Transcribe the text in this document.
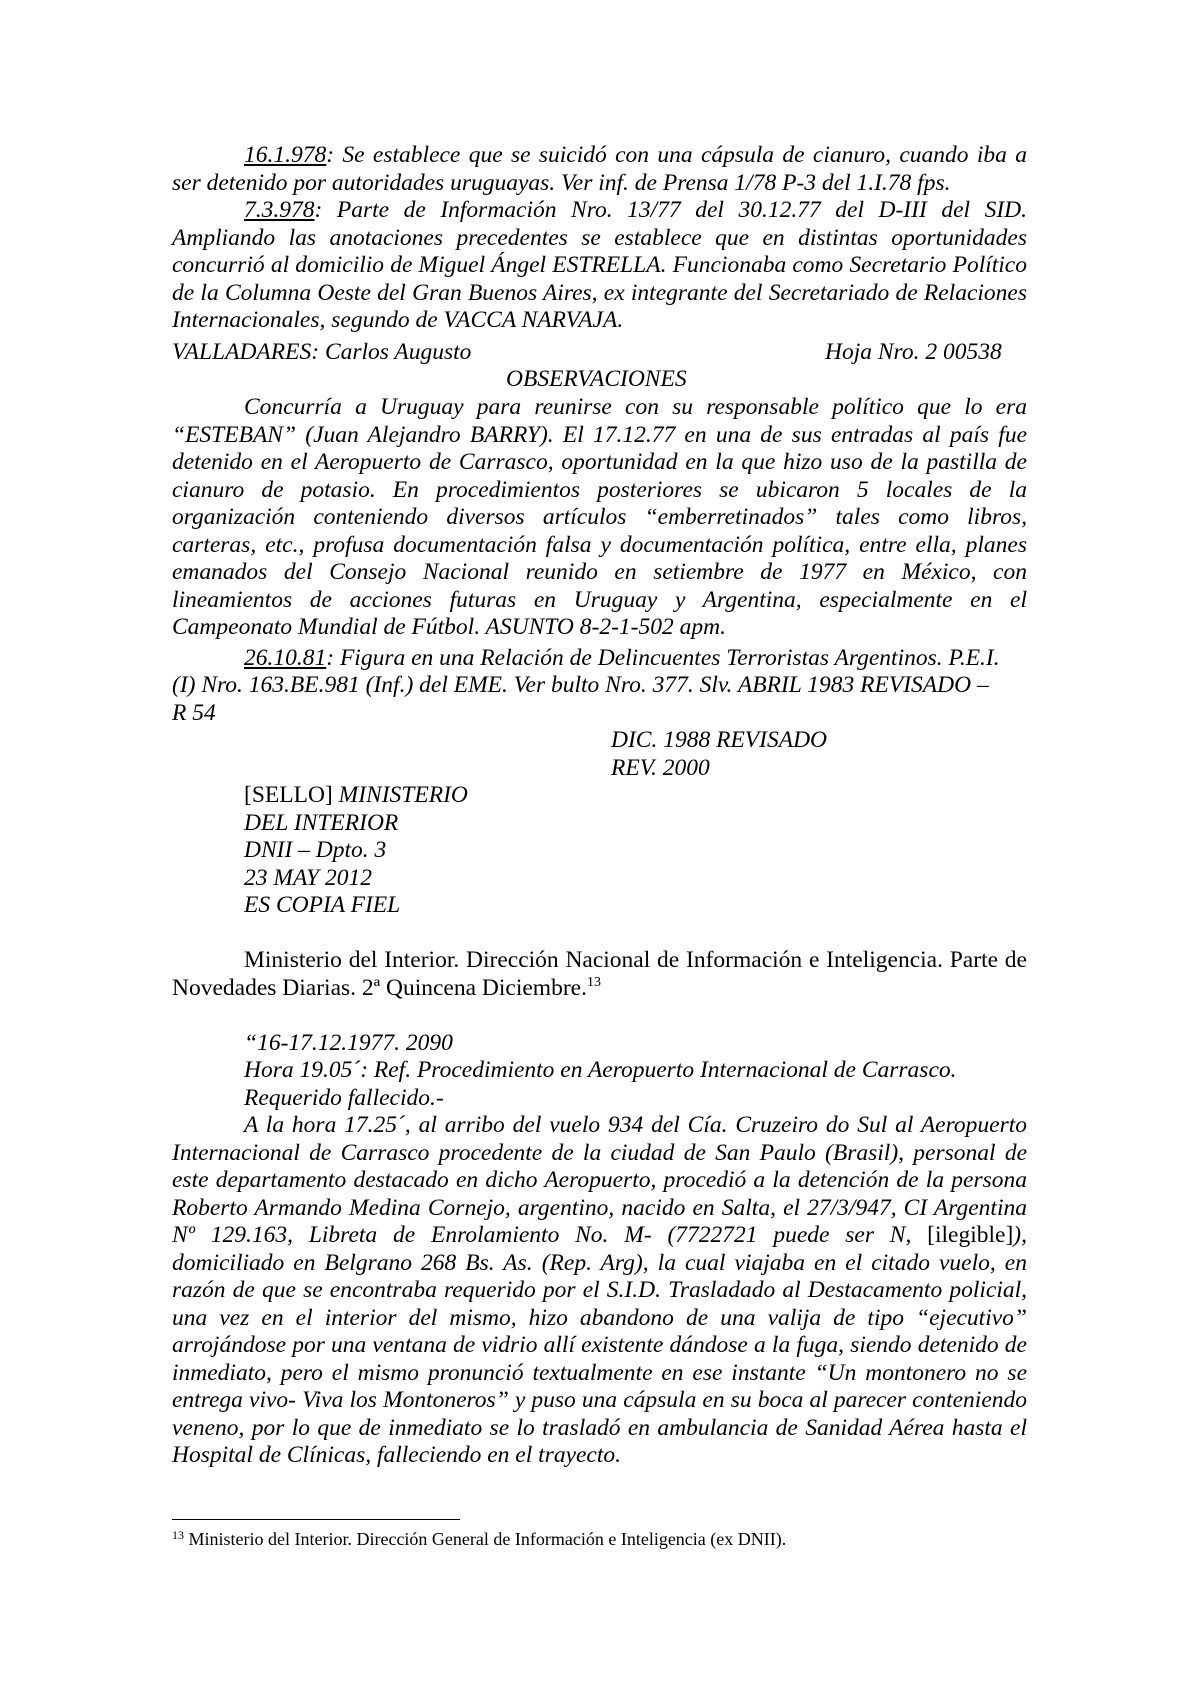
16.1.978: Se establece que se suicidó con una cápsula de cianuro, cuando iba a ser detenido por autoridades uruguayas. Ver inf. de Prensa 1/78 P-3 del 1.I.78 fps.

7.3.978: Parte de Información Nro. 13/77 del 30.12.77 del D-III del SID. Ampliando las anotaciones precedentes se establece que en distintas oportunidades concurrió al domicilio de Miguel Ángel ESTRELLA. Funcionaba como Secretario Político de la Columna Oeste del Gran Buenos Aires, ex integrante del Secretariado de Relaciones Internacionales, segundo de VACCA NARVAJA.

VALLADARES: Carlos Augusto	Hoja Nro. 2 00538
OBSERVACIONES

Concurría a Uruguay para reunirse con su responsable político que lo era “ESTEBAN” (Juan Alejandro BARRY). El 17.12.77 en una de sus entradas al país fue detenido en el Aeropuerto de Carrasco, oportunidad en la que hizo uso de la pastilla de cianuro de potasio. En procedimientos posteriores se ubicaron 5 locales de la organización conteniendo diversos artículos “emberretinados” tales como libros, carteras, etc., profusa documentación falsa y documentación política, entre ella, planes emanados del Consejo Nacional reunido en setiembre de 1977 en México, con lineamientos de acciones futuras en Uruguay y Argentina, especialmente en el Campeonato Mundial de Fútbol. ASUNTO 8-2-1-502 apm.

26.10.81: Figura en una Relación de Delincuentes Terroristas Argentinos. P.E.I.
(I) Nro. 163.BE.981 (Inf.) del EME. Ver bulto Nro. 377. Slv. ABRIL 1983 REVISADO –
R 54
DIC. 1988 REVISADO
REV. 2000
[SELLO] MINISTERIO
DEL INTERIOR
DNII – Dpto. 3
23 MAY 2012
ES COPIA FIEL

Ministerio del Interior. Dirección Nacional de Información e Inteligencia. Parte de Novedades Diarias. 2ª Quincena Diciembre.$^{13}$

“16-17.12.1977. 2090
Hora 19.05´: Ref. Procedimiento en Aeropuerto Internacional de Carrasco.
Requerido fallecido.-

A la hora 17.25´, al arribo del vuelo 934 del Cía. Cruzeiro do Sul al Aeropuerto Internacional de Carrasco procedente de la ciudad de San Paulo (Brasil), personal de este departamento destacado en dicho Aeropuerto, procedió a la detención de la persona Roberto Armando Medina Cornejo, argentino, nacido en Salta, el 27/3/947, CI Argentina Nº 129.163, Libreta de Enrolamiento No. M- (7722721 puede ser N, [ilegible]), domiciliado en Belgrano 268 Bs. As. (Rep. Arg), la cual viajaba en el citado vuelo, en razón de que se encontraba requerido por el S.I.D. Trasladado al Destacamento policial, una vez en el interior del mismo, hizo abandono de una valija de tipo “ejecutivo” arrojándose por una ventana de vidrio allí existente dándose a la fuga, siendo detenido de inmediato, pero el mismo pronunció textualmente en ese instante “Un montonero no se entrega vivo- Viva los Montoneros” y puso una cápsula en su boca al parecer conteniendo veneno, por lo que de inmediato se lo trasladó en ambulancia de Sanidad Aérea hasta el Hospital de Clínicas, falleciendo en el trayecto.

$^{13}$ Ministerio del Interior. Dirección General de Información e Inteligencia (ex DNII).
